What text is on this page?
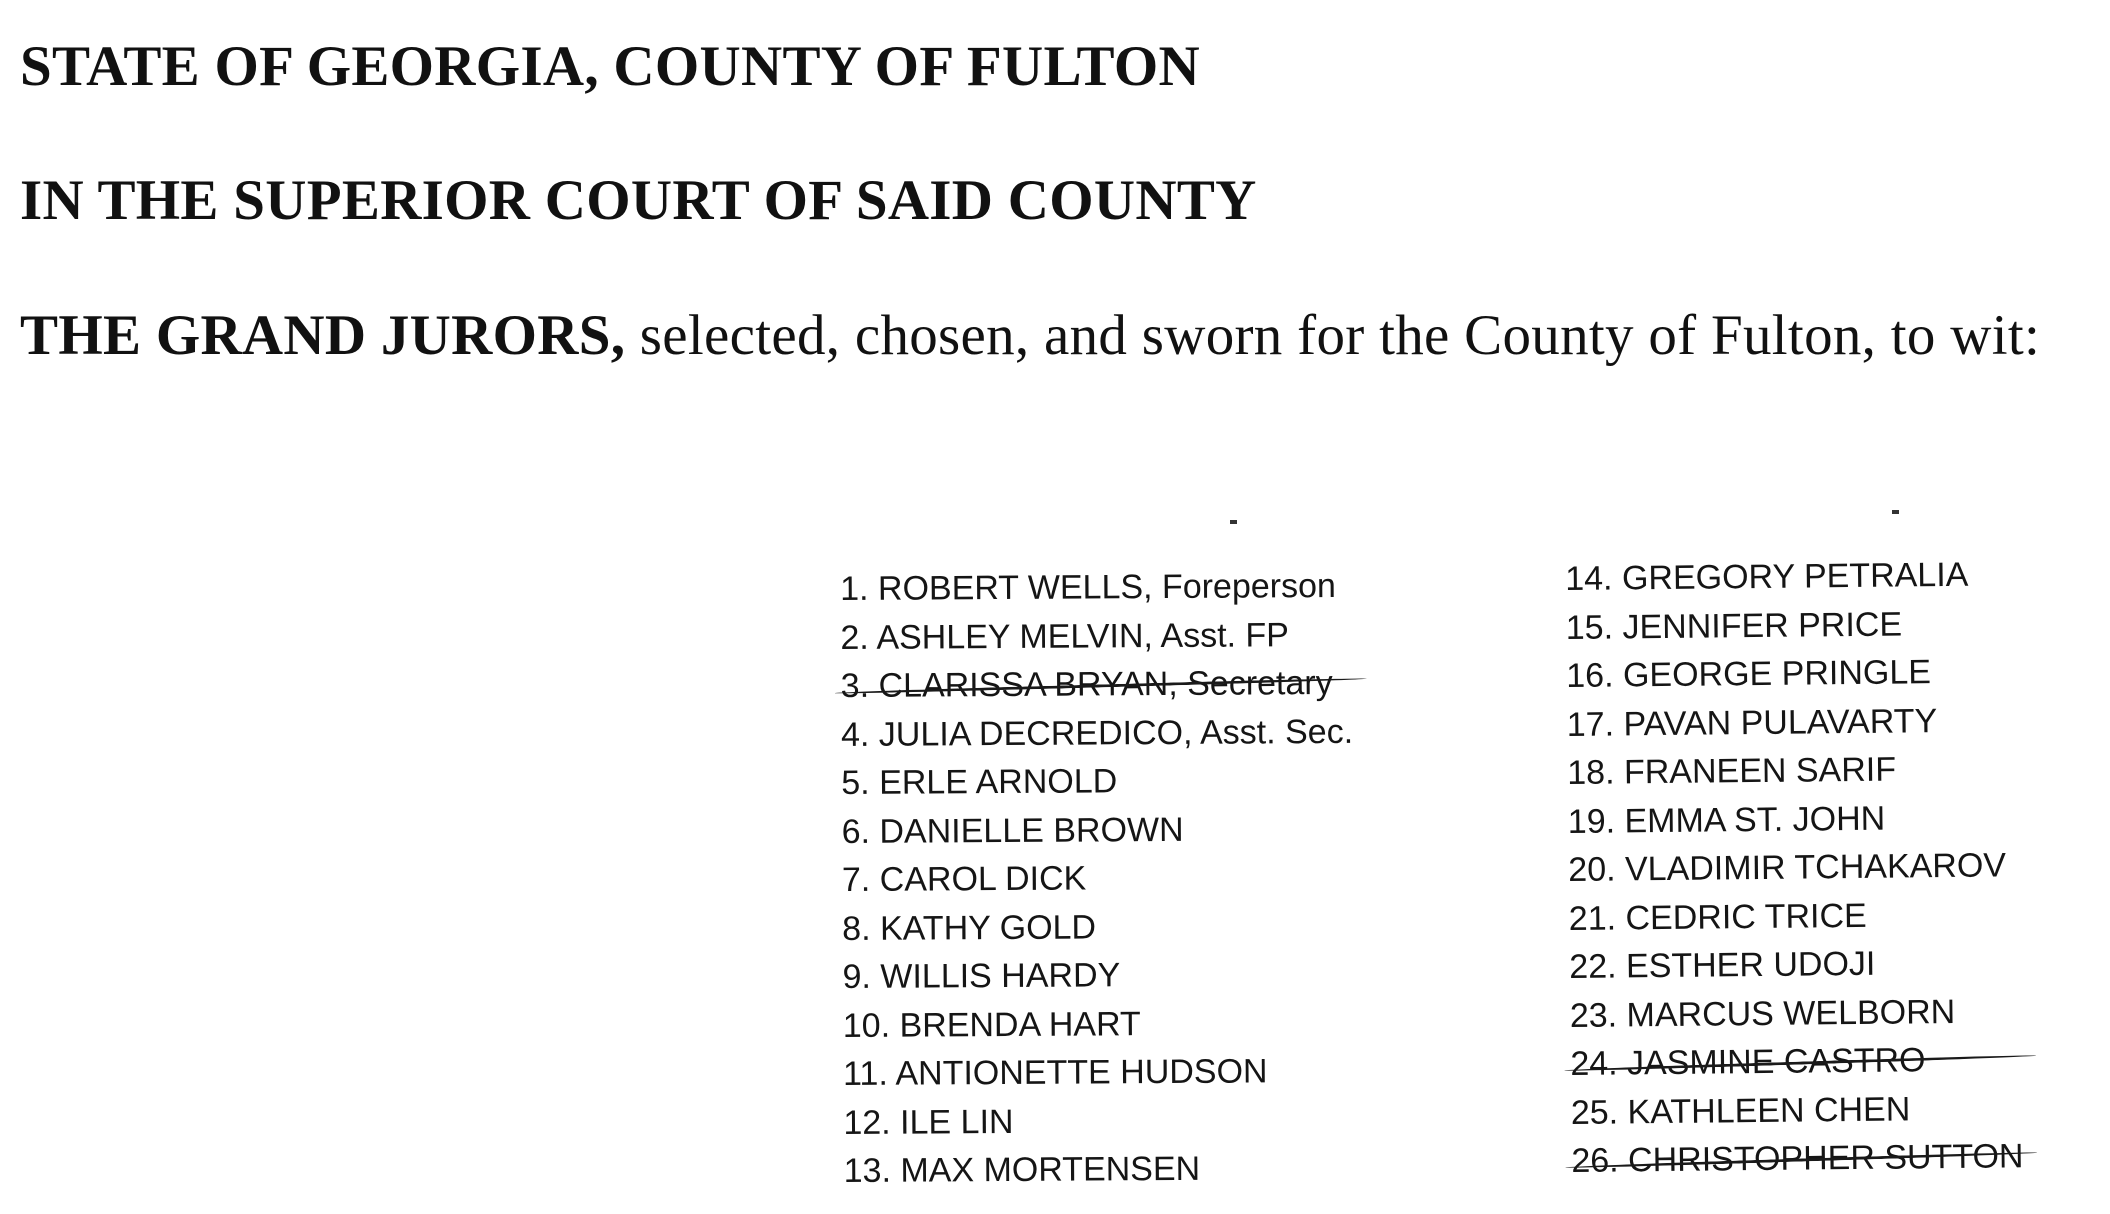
STATE OF GEORGIA, COUNTY OF FULTON
IN THE SUPERIOR COURT OF SAID COUNTY
THE GRAND JURORS, selected, chosen, and sworn for the County of Fulton, to wit:
1. ROBERT WELLS, Foreperson
2. ASHLEY MELVIN, Asst. FP
3. CLARISSA BRYAN, Secretary
4. JULIA DECREDICO, Asst. Sec.
5. ERLE ARNOLD
6. DANIELLE BROWN
7. CAROL DICK
8. KATHY GOLD
9. WILLIS HARDY
10. BRENDA HART
11. ANTIONETTE HUDSON
12. ILE LIN
13. MAX MORTENSEN
14. GREGORY PETRALIA
15. JENNIFER PRICE
16. GEORGE PRINGLE
17. PAVAN PULAVARTY
18. FRANEEN SARIF
19. EMMA ST. JOHN
20. VLADIMIR TCHAKAROV
21. CEDRIC TRICE
22. ESTHER UDOJI
23. MARCUS WELBORN
24. JASMINE CASTRO
25. KATHLEEN CHEN
26. CHRISTOPHER SUTTON
